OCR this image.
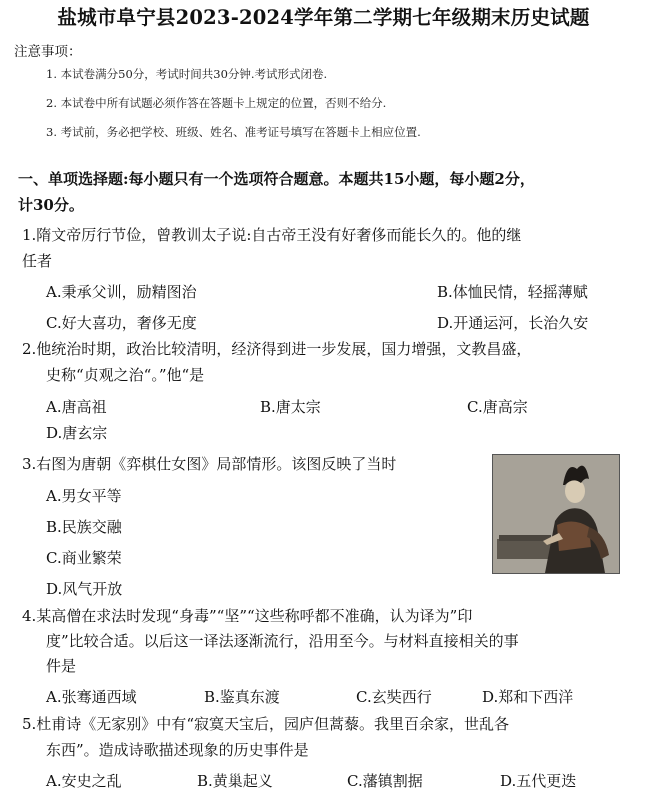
盐城市阜宁县2023-2024学年第二学期七年级期末历史试题
注意事项：
1. 本试卷满分50分，考试时间共30分钟.考试形式闭卷.
2. 本试卷中所有试题必须作答在答题卡上规定的位置，否则不给分.
3. 考试前，务必把学校、班级、姓名、准考证号填写在答题卡上相应位置.
一、单项选择题:每小题只有一个选项符合题意。本题共15小题，每小题2分，
计30分。
1.隋文帝厉行节俭，曾教训太子说:自古帝王没有好奢侈而能长久的。他的继
任者
A.秉承父训，励精图治	B.体恤民情，轻摇薄赋
C.好大喜功，奢侈无度	D.开通运河，长治久安
2.他统治时期，政治比较清明，经济得到进一步发展，国力增强，文教昌盛，
史称“贞观之治“。”他“是
A.唐高祖	B.唐太宗	C.唐高宗
D.唐玄宗
3.右图为唐朝《弈棋仕女图》局部情形。该图反映了当时
A.男女平等
B.民族交融
C.商业繁荣
D.风气开放
4.某高僧在求法时发现“身毒”“坚”“这些称呼都不准确，认为译为”印
度”比较合适。以后这一译法逐渐流行，沿用至今。与材料直接相关的事
件是
A.张骞通西域	B.鉴真东渡	C.玄奘西行	D.郑和下西洋
5.杜甫诗《无家别》中有“寂寞天宝后，园庐但蒿藜。我里百余家，世乱各
东西”。造成诗歌描述现象的历史事件是
A.安史之乱	B.黄巢起义	C.藩镇割据	D.五代更迭
